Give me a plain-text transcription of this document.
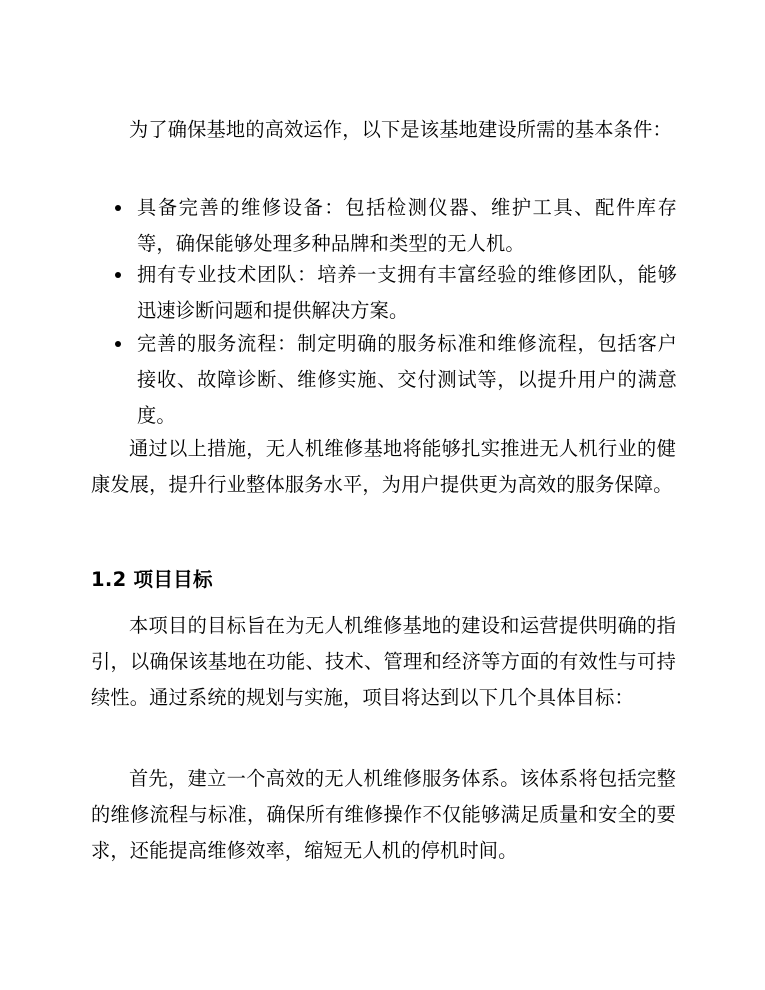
为了确保基地的高效运作，以下是该基地建设所需的基本条件：

具备完善的维修设备：包括检测仪器、维护工具、配件库存等，确保能够处理多种品牌和类型的无人机。
拥有专业技术团队：培养一支拥有丰富经验的维修团队，能够迅速诊断问题和提供解决方案。
完善的服务流程：制定明确的服务标准和维修流程，包括客户接收、故障诊断、维修实施、交付测试等，以提升用户的满意度。

通过以上措施，无人机维修基地将能够扎实推进无人机行业的健康发展，提升行业整体服务水平，为用户提供更为高效的服务保障。

1.2 项目目标

本项目的目标旨在为无人机维修基地的建设和运营提供明确的指引，以确保该基地在功能、技术、管理和经济等方面的有效性与可持续性。通过系统的规划与实施，项目将达到以下几个具体目标：

首先，建立一个高效的无人机维修服务体系。该体系将包括完整的维修流程与标准，确保所有维修操作不仅能够满足质量和安全的要求，还能提高维修效率，缩短无人机的停机时间。
